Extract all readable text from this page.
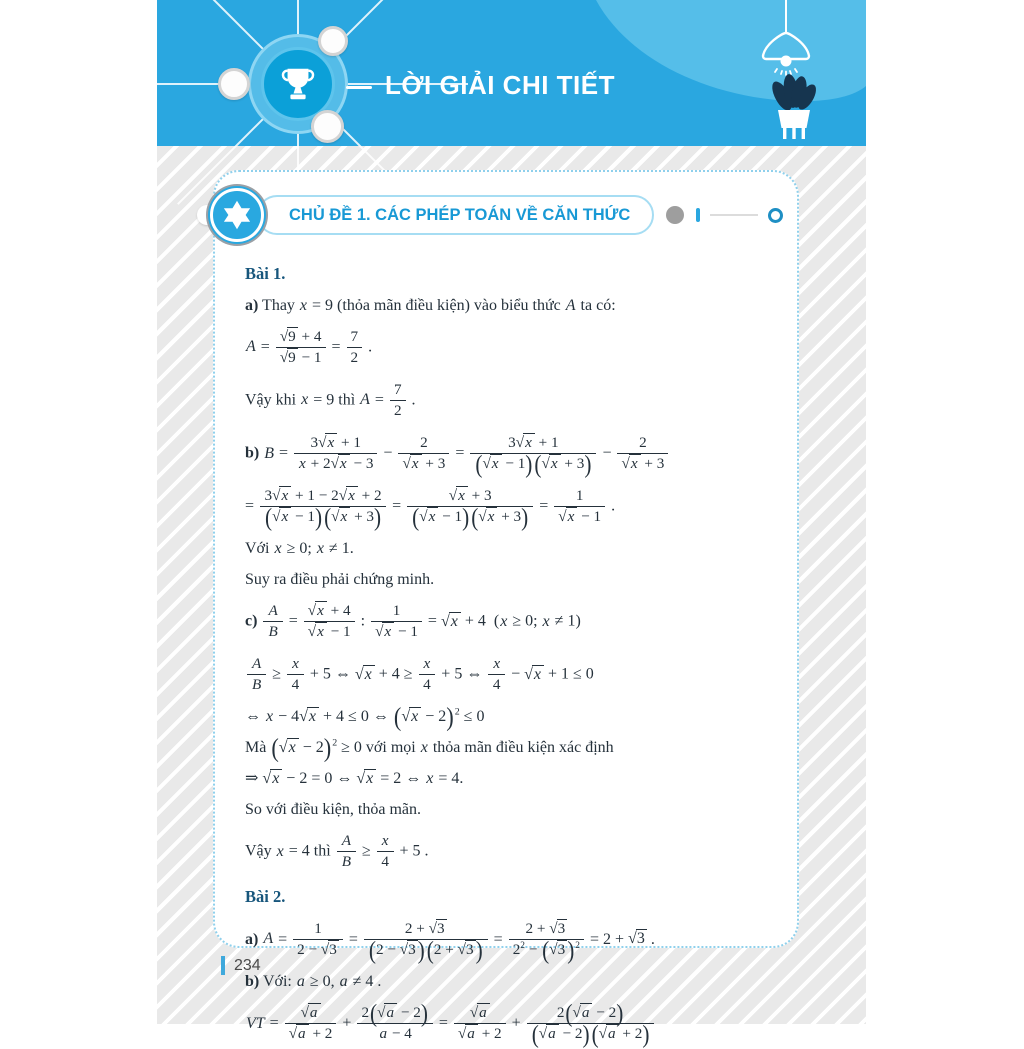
LỜI GIẢI CHI TIẾT
CHỦ ĐỀ 1. CÁC PHÉP TOÁN VỀ CĂN THỨC
Bài 1.
a) Thay x = 9 (thỏa mãn điều kiện) vào biểu thức A ta có:
$A = \frac{√9 + 4}{√9 - 1} = \frac{7}{2}$ .
Vậy khi x = 9 thì $A = \frac{7}{2}$ .
b) $B = \frac{3√x + 1}{x + 2√x - 3} - \frac{2}{√x + 3} = \frac{3√x + 1}{(√x - 1)(√x + 3)} - \frac{2}{√x + 3}$
= $\frac{3√x + 1 - 2√x + 2}{(√x - 1)(√x + 3)} = \frac{√x + 3}{(√x - 1)(√x + 3)} = \frac{1}{√x - 1}$ .
Với x ≥ 0; x ≠ 1.
Suy ra điều phải chứng minh.
$c) \frac{A}{B} = \frac{√x + 4}{√x - 1}$ : $\frac{1}{√x - 1} = √x + 4$  (x ≥ 0; x ≠ 1)
$\frac{A}{B} \ge \frac{x}{4} + 5$ ⇔ $√x + 4 \ge \frac{x}{4} + 5$ ⇔ $\frac{x}{4} - √x + 1 \le 0$
⇔ x − 4√x + 4 ≤ 0 ⇔ $(√x - 2)^2 \le 0$
Mà $(√x - 2)^2 \ge 0$ với mọi x thỏa mãn điều kiện xác định
⇒ √x − 2 = 0 ⇔ √x = 2 ⇔ x = 4.
So với điều kiện, thỏa mãn.
Vậy x = 4 thì $\frac{A}{B} \ge \frac{x}{4} + 5$ .
Bài 2.
a) $A = \frac{1}{2 - √3} = \frac{2 + √3}{(2 - √3)(2 + √3)} = \frac{2 + √3}{2^2 - (√3)^2} = 2 + √3$ .
b) Với: a ≥ 0, a ≠ 4 .
VT = $\frac{√a}{√a + 2} + \frac{2(√a - 2)}{a - 4} = \frac{√a}{√a + 2} + \frac{2(√a - 2)}{(√a - 2)(√a + 2)}$
234
